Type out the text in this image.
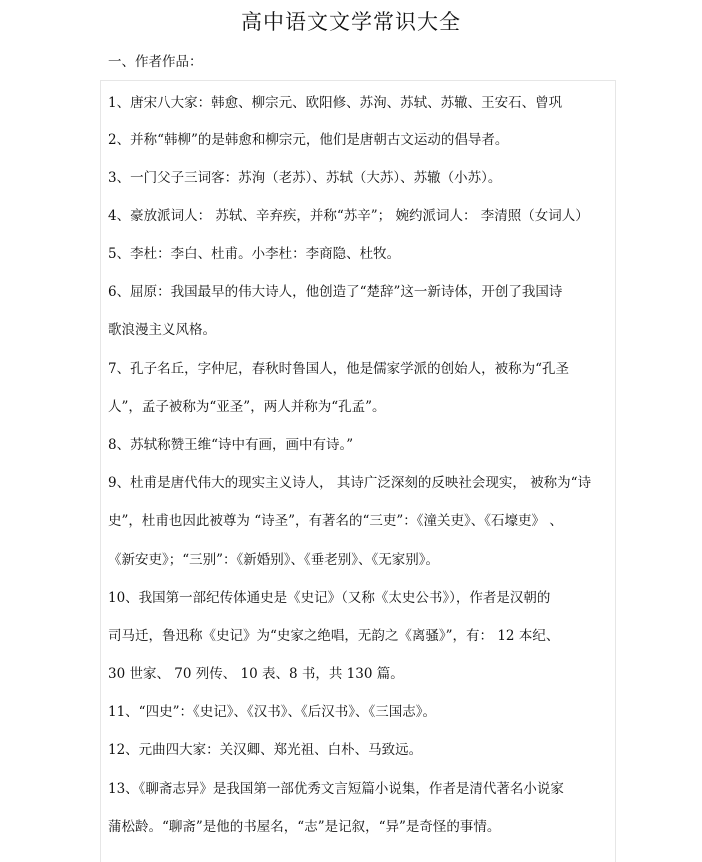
高中语文文学常识大全
一、作者作品：
1、唐宋八大家：韩愈、柳宗元、欧阳修、苏洵、苏轼、苏辙、王安石、曾巩
2、并称“韩柳”的是韩愈和柳宗元，他们是唐朝古文运动的倡导者。
3、一门父子三词客：苏洵（老苏）、苏轼（大苏）、苏辙（小苏）。
4、豪放派词人： 苏轼、辛弃疾，并称“苏辛”； 婉约派词人： 李清照（女词人）
5、李杜：李白、杜甫。小李杜：李商隐、杜牧。
6、屈原：我国最早的伟大诗人，他创造了“楚辞”这一新诗体，开创了我国诗
歌浪漫主义风格。
7、孔子名丘，字仲尼，春秋时鲁国人，他是儒家学派的创始人，被称为“孔圣
人”，孟子被称为“亚圣”，两人并称为“孔孟”。
8、苏轼称赞王维“诗中有画，画中有诗。”
9、杜甫是唐代伟大的现实主义诗人， 其诗广泛深刻的反映社会现实， 被称为“诗
史”，杜甫也因此被尊为 “诗圣”，有著名的“三吏”：《潼关吏》、《石壕吏》 、
《新安吏》；“三别”：《新婚别》、《垂老别》、《无家别》。
10、我国第一部纪传体通史是《史记》（又称《太史公书》），作者是汉朝的
司马迁，鲁迅称《史记》为“史家之绝唱，无韵之《离骚》”，有： 12 本纪、
30 世家、 70 列传、 10 表、8 书，共 130 篇。
11、“四史”：《史记》、《汉书》、《后汉书》、《三国志》。
12、元曲四大家：关汉卿、郑光祖、白朴、马致远。
13、《聊斋志异》是我国第一部优秀文言短篇小说集，作者是清代著名小说家
蒲松龄。“聊斋”是他的书屋名，“志”是记叙，“异”是奇怪的事情。
